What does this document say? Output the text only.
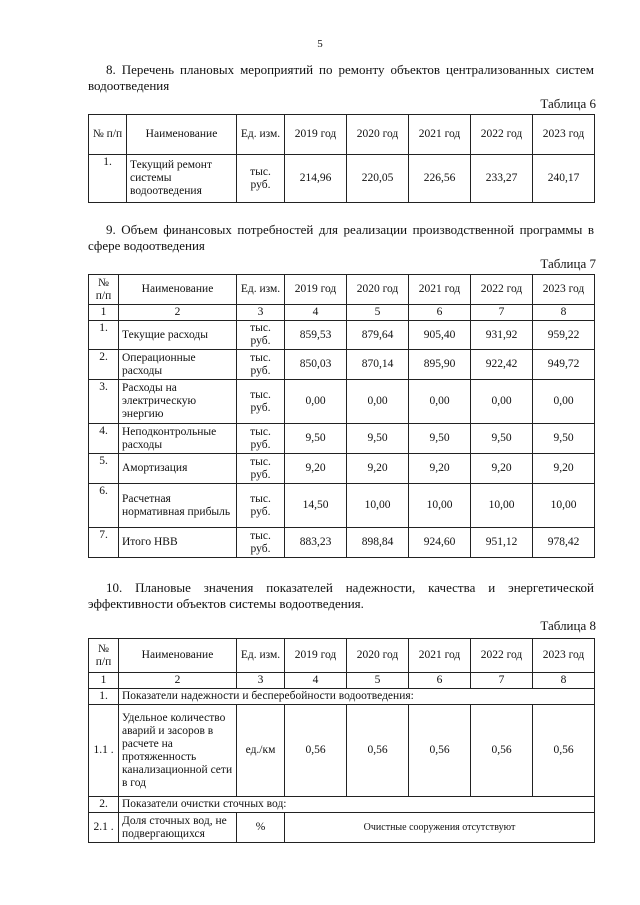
5
8. Перечень плановых мероприятий по ремонту объектов централизованных систем водоотведения
Таблица 6
№ п/п	Наименование	Ед. изм.	2019 год	2020 год	2021 год	2022 год	2023 год
1.	Текущий ремонт системы водоотведения	тыс. руб.	214,96	220,05	226,56	233,27	240,17
9. Объем финансовых потребностей для реализации производственной программы в сфере водоотведения
Таблица 7
№ п/п	Наименование	Ед. изм.	2019 год	2020 год	2021 год	2022 год	2023 год
1	2	3	4	5	6	7	8
1.	Текущие расходы	тыс. руб.	859,53	879,64	905,40	931,92	959,22
2.	Операционные расходы	тыс. руб.	850,03	870,14	895,90	922,42	949,72
3.	Расходы на электрическую энергию	тыс. руб.	0,00	0,00	0,00	0,00	0,00
4.	Неподконтрольные расходы	тыс. руб.	9,50	9,50	9,50	9,50	9,50
5.	Амортизация	тыс. руб.	9,20	9,20	9,20	9,20	9,20
6.	Расчетная нормативная прибыль	тыс. руб.	14,50	10,00	10,00	10,00	10,00
7.	Итого НВВ	тыс. руб.	883,23	898,84	924,60	951,12	978,42
10. Плановые значения показателей надежности, качества и энергетической эффективности объектов системы водоотведения.
Таблица 8
№ п/п	Наименование	Ед. изм.	2019 год	2020 год	2021 год	2022 год	2023 год
1	2	3	4	5	6	7	8
1.	Показатели надежности и бесперебойности водоотведения:						
1.1 .	Удельное количество аварий и засоров в расчете на протяженность канализационной сети в год	ед./км	0,56	0,56	0,56	0,56	0,56
2.	Показатели очистки сточных вод:						
2.1 .	Доля сточных вод, не подвергающихся	%	Очистные сооружения отсутствуют				
